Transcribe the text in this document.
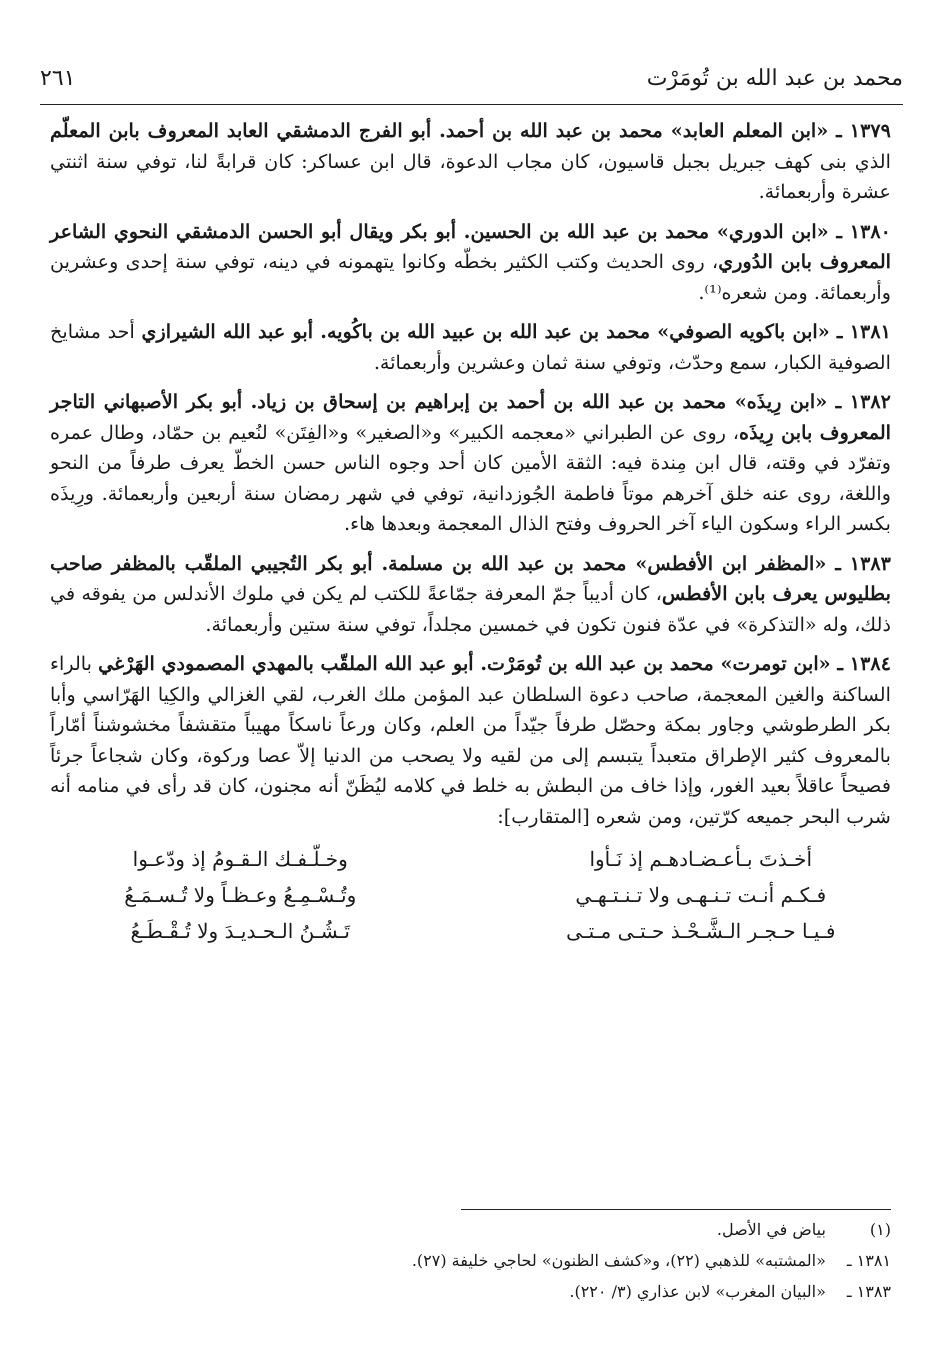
محمد بن عبد الله بن تُومَرْت
٢٦١

١٣٧٩ ـ «ابن المعلم العابد» محمد بن عبد الله بن أحمد. أبو الفرج الدمشقي العابد المعروف بابن المعلّم الذي بنى كهف جبريل بجبل قاسيون، كان مجاب الدعوة، قال ابن عساكر: كان قرابةً لنا، توفي سنة اثنتي عشرة وأربعمائة.

١٣٨٠ ـ «ابن الدوري» محمد بن عبد الله بن الحسين. أبو بكر ويقال أبو الحسن الدمشقي النحوي الشاعر المعروف بابن الدُوري، روى الحديث وكتب الكثير بخطّه وكانوا يتهمونه في دينه، توفي سنة إحدى وعشرين وأربعمائة. ومن شعره⁽¹⁾.

١٣٨١ ـ «ابن باكويه الصوفي» محمد بن عبد الله بن عبيد الله بن باكُويه. أبو عبد الله الشيرازي أحد مشايخ الصوفية الكبار، سمع وحدّث، وتوفي سنة ثمان وعشرين وأربعمائة.

١٣٨٢ ـ «ابن رِيذَه» محمد بن عبد الله بن أحمد بن إبراهيم بن إسحاق بن زياد. أبو بكر الأصبهاني التاجر المعروف بابن رِيذَه، روى عن الطبراني «معجمه الكبير» و«الصغير» و«الفِتَن» لنُعيم بن حمّاد، وطال عمره وتفرّد في وقته، قال ابن مِندة فيه: الثقة الأمين كان أحد وجوه الناس حسن الخطّ يعرف طرفاً من النحو واللغة، روى عنه خلق آخرهم موتاً فاطمة الجُوزدانية، توفي في شهر رمضان سنة أربعين وأربعمائة. ورِيذَه بكسر الراء وسكون الياء آخر الحروف وفتح الذال المعجمة وبعدها هاء.

١٣٨٣ ـ «المظفر ابن الأفطس» محمد بن عبد الله بن مسلمة. أبو بكر التُجيبي الملقّب بالمظفر صاحب بطليوس يعرف بابن الأفطس، كان أديباً جمّ المعرفة جمّاعةً للكتب لم يكن في ملوك الأندلس من يفوقه في ذلك، وله «التذكرة» في عدّة فنون تكون في خمسين مجلداً، توفي سنة ستين وأربعمائة.

١٣٨٤ ـ «ابن تومرت» محمد بن عبد الله بن تُومَرْت. أبو عبد الله الملقّب بالمهدي المصمودي الهَرْغي بالراء الساكنة والغين المعجمة، صاحب دعوة السلطان عبد المؤمن ملك الغرب، لقي الغزالي والكِيا الهَرّاسي وأبا بكر الطرطوشي وجاور بمكة وحصّل طرفاً جيّداً من العلم، وكان ورعاً ناسكاً مهيباً متقشفاً مخشوشناً أمّاراً بالمعروف كثير الإطراق متعبداً يتبسم إلى من لقيه ولا يصحب من الدنيا إلاّ عصا وركوة، وكان شجاعاً جرئاً فصيحاً عاقلاً بعيد الغور، وإذا خاف من البطش به خلط في كلامه ليُظَنّ أنه مجنون، كان قد رأى في منامه أنه شرب البحر جميعه كرّتين، ومن شعره [المتقارب]:

أخـذتَ بـأعـضـادهـم إذ نَـأوا	وخـلّـفـك الـقـومُ إذ ودّعـوا
فـكـم أنـت تـنـهـى ولا تـنـتـهـي	وتُـسْـمِـعُ وعـظـاً ولا تُـسـمَـعُ
فـيـا حـجـر الـشَّـحْـذ حـتـى مـتـى	تَـشُـنُ الـحـديـدَ ولا تُـقْـطَـعُ
(١) بياض في الأصل.
١٣٨١ ـ «المشتبه» للذهبي (٢٢)، و«كشف الظنون» لحاجي خليفة (٢٧).
١٣٨٣ ـ «البيان المغرب» لابن عذاري (٣/ ٢٢٠).
